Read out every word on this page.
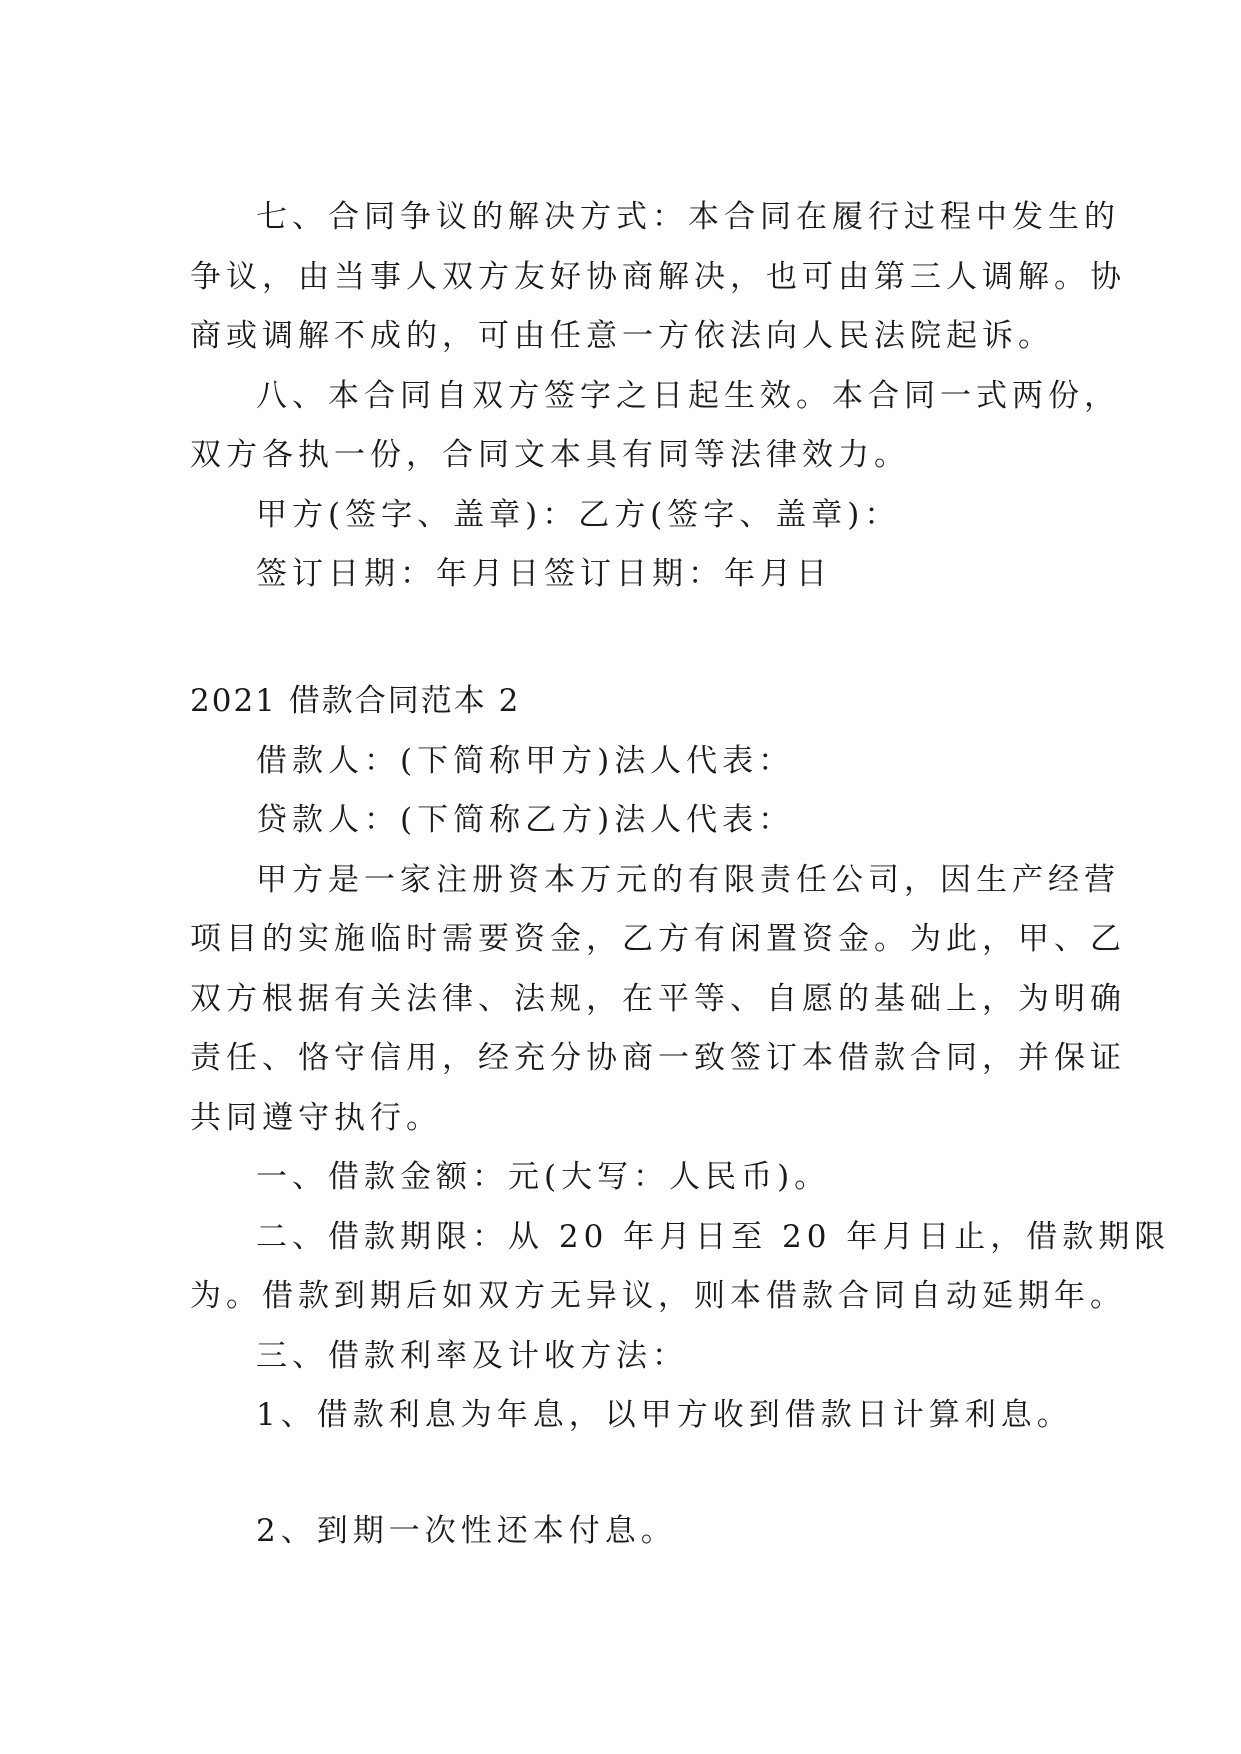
七、合同争议的解决方式：本合同在履行过程中发生的

争议，由当事人双方友好协商解决，也可由第三人调解。协

商或调解不成的，可由任意一方依法向人民法院起诉。

八、本合同自双方签字之日起生效。本合同一式两份，

双方各执一份，合同文本具有同等法律效力。

甲方(签字、盖章)：乙方(签字、盖章)：

签订日期：年月日签订日期：年月日

2021 借款合同范本 2

借款人：(下简称甲方)法人代表：

贷款人：(下简称乙方)法人代表：

甲方是一家注册资本万元的有限责任公司，因生产经营

项目的实施临时需要资金，乙方有闲置资金。为此，甲、乙

双方根据有关法律、法规，在平等、自愿的基础上，为明确

责任、恪守信用，经充分协商一致签订本借款合同，并保证

共同遵守执行。

一、借款金额：元(大写：人民币)。

二、借款期限：从 20 年月日至 20 年月日止，借款期限

为。借款到期后如双方无异议，则本借款合同自动延期年。

三、借款利率及计收方法：

1、借款利息为年息，以甲方收到借款日计算利息。

2、到期一次性还本付息。
